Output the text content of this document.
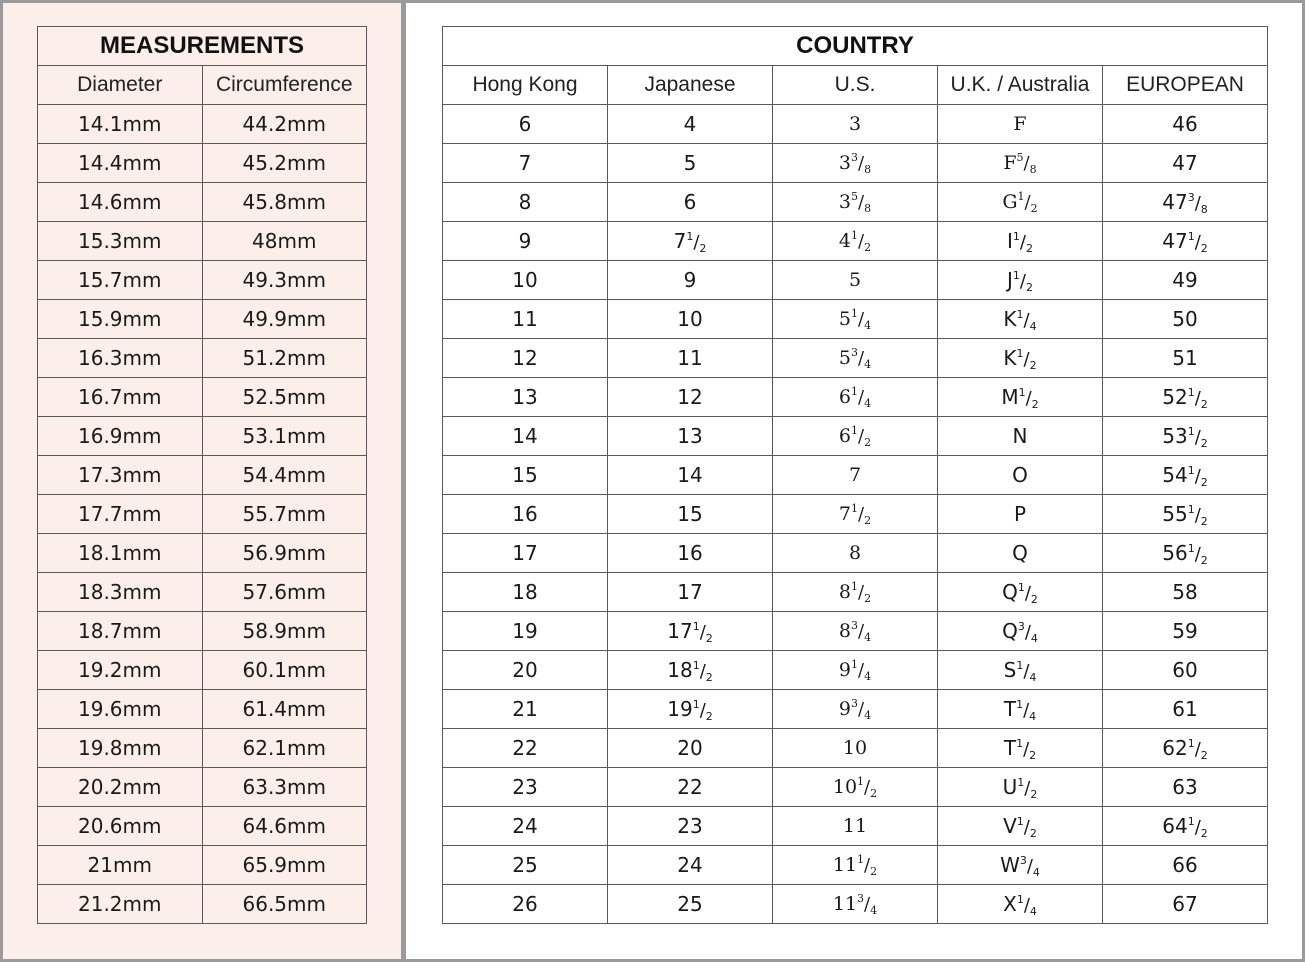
MEASUREMENTS	
Diameter	Circumference
14.1mm	44.2mm
14.4mm	45.2mm
14.6mm	45.8mm
15.3mm	48mm
15.7mm	49.3mm
15.9mm	49.9mm
16.3mm	51.2mm
16.7mm	52.5mm
16.9mm	53.1mm
17.3mm	54.4mm
17.7mm	55.7mm
18.1mm	56.9mm
18.3mm	57.6mm
18.7mm	58.9mm
19.2mm	60.1mm
19.6mm	61.4mm
19.8mm	62.1mm
20.2mm	63.3mm
20.6mm	64.6mm
21mm	65.9mm
21.2mm	66.5mm
COUNTRY				
Hong Kong	Japanese	U.S.	U.K. / Australia	EUROPEAN
6	4	3	F	46
7	5	$3^3/_8$	$F^5/_8$	47
8	6	$3^5/_8$	$G^1/_2$	$47^3/_8$
9	$7^1/_2$	$4^1/_2$	$I^1/_2$	$47^1/_2$
10	9	5	$J^1/_2$	49
11	10	$5^1/_4$	$K^1/_4$	50
12	11	$5^3/_4$	$K^1/_2$	51
13	12	$6^1/_4$	$M^1/_2$	$52^1/_2$
14	13	$6^1/_2$	N	$53^1/_2$
15	14	7	O	$54^1/_2$
16	15	$7^1/_2$	P	$55^1/_2$
17	16	8	Q	$56^1/_2$
18	17	$8^1/_2$	$Q^1/_2$	58
19	$17^1/_2$	$8^3/_4$	$Q^3/_4$	59
20	$18^1/_2$	$9^1/_4$	$S^1/_4$	60
21	$19^1/_2$	$9^3/_4$	$T^1/_4$	61
22	20	10	$T^1/_2$	$62^1/_2$
23	22	$10^1/_2$	$U^1/_2$	63
24	23	11	$V^1/_2$	$64^1/_2$
25	24	$11^1/_2$	$W^3/_4$	66
26	25	$11^3/_4$	$X^1/_4$	67
